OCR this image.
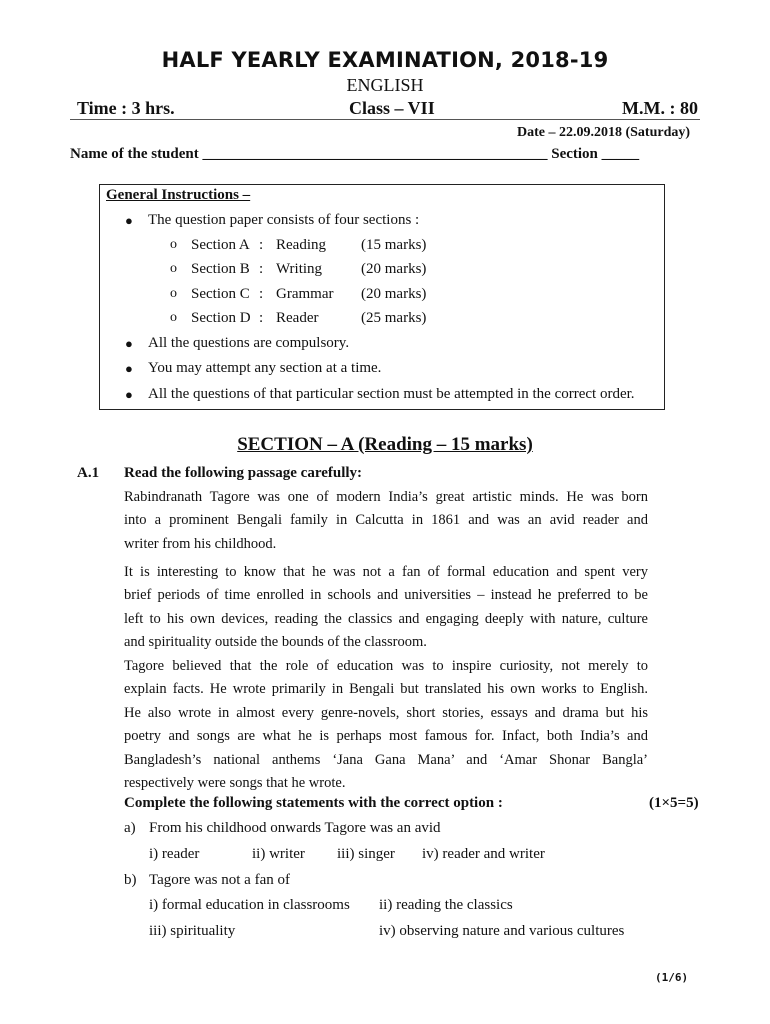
HALF YEARLY EXAMINATION, 2018-19
ENGLISH
Time : 3 hrs.	Class – VII	M.M. : 80
Date – 22.09.2018 (Saturday)
Name of the student ______________________________________________ Section _____
General Instructions –
● The question paper consists of four sections :
o Section A : Reading (15 marks)
o Section B : Writing	(20 marks)
o Section C : Grammar (20 marks)
o Section D : Reader	(25 marks)
● All the questions are compulsory.
● You may attempt any section at a time.
● All the questions of that particular section must be attempted in the correct order.
SECTION – A (Reading – 15 marks)
A.1 Read the following passage carefully:
Rabindranath Tagore was one of modern India’s great artistic minds. He was born
into a prominent Bengali family in Calcutta in 1861 and was an avid reader and
writer from his childhood.
It is interesting to know that he was not a fan of formal education and spent very
brief periods of time enrolled in schools and universities – instead he preferred to be
left to his own devices, reading the classics and engaging deeply with nature, culture
and spirituality outside the bounds of the classroom.
Tagore believed that the role of education was to inspire curiosity, not merely to
explain facts. He wrote primarily in Bengali but translated his own works to English.
He also wrote in almost every genre-novels, short stories, essays and drama but his
poetry and songs are what he is perhaps most famous for. Infact, both India’s and
Bangladesh’s national anthems ‘Jana Gana Mana’ and ‘Amar Shonar Bangla’
respectively were songs that he wrote.
Complete the following statements with the correct option :	(1×5=5)
a) From his childhood onwards Tagore was an avid
i) reader	ii) writer iii) singer iv) reader and writer
b) Tagore was not a fan of
i) formal education in classrooms ii) reading the classics
iii) spirituality	iv) observing nature and various cultures
(1/6)
